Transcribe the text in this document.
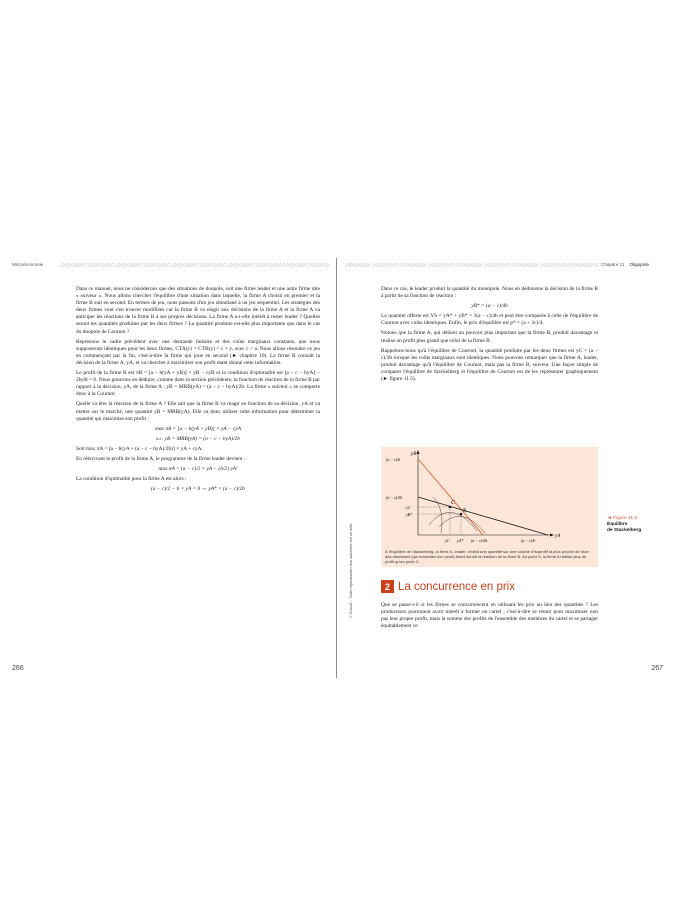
Microéconomie

Dans ce manuel, nous ne considérons que des situations de duopole, soit une firme leader et une autre firme dite « suiveur ». Nous allons chercher l'équilibre d'une situation dans laquelle, la firme A choisit en premier et la firme B suit en second. En termes de jeu, nous passons d'un jeu simultané à un jeu séquentiel. Les stratégies des deux firmes vont s'en trouver modifiées car la firme B va réagir aux décisions de la firme A et la firme A va anticiper les réactions de la firme B à ses propres décisions. La firme A a-t-elle intérêt à rester leader ? Quelles seront les quantités produites par les deux firmes ? La quantité produite est-elle plus importante que dans le cas du duopole de Cournot ?

Reprenons le cadre précédent avec une demande linéaire et des coûts marginaux constants, que nous supposerons identiques pour les deux firmes, CTA(y) = CTB(y) = c × y, avec c < a. Nous allons résoudre ce jeu en commençant par la fin, c'est-à-dire la firme qui joue en second (► chapitre 10). La firme B connaît la décision de la firme A, yA, et va chercher à maximiser son profit étant donné cette information.

Le profit de la firme B est πB = [a − b(yA + yB)] × yB − cyB et la condition d'optimalité est [a − c − byA] − 2byB = 0. Nous pourrons en déduire, comme dans la section précédente, la fonction de réaction de la firme B par rapport à la décision, yA, de la firme A : yB = MRB(yA) = (a − c − byA)/2b. La firme « suiveur » se comporte donc à la Cournot.

Quelle va être la réaction de la firme A ? Elle sait que la firme B va réagir en fonction de sa décision, yA et va mettre sur le marché, une quantité yB = MRB(yA). Elle va donc utiliser cette information pour déterminer la quantité qui maximise son profit :

max πA = [a − b(yA + yB)] × yA − cyA
s.c. yB = MRB(yA) = (a − c − byA)/2b

Soit max πA = [a − b(yA + (a − c − byA)/2b)] × yA + cyA.

En réécrivant le profit de la firme A, le programme de la firme leader devient :

max πA = (a − c)/2 × yA − (b/2) yA²

La condition d'optimalité pour la firme A est alors :

(a − c)/2 − b × yA = 0 ⇔ yA* = (a − c)/2b
266
Chapitre 11 Oligopole
© Dunod – Toute reproduction non autorisée est un délit.

Dans ce cas, le leader produit la quantité du monopole. Nous en déduisons la décision de la firme B à partir de sa fonction de réaction :

yB* = (a − c)/4b

La quantité offerte est YS = yA* + yB* = 3(a − c)/4b et peut être comparée à celle de l'équilibre de Cournot avec coûts identiques. Enfin, le prix d'équilibre est p* = (a + 3c)/4.

Notons que la firme A, qui détient un pouvoir plus important que la firme B, produit davantage et réalise un profit plus grand que celui de la firme B.

Rappelons-nous qu'à l'équilibre de Cournot, la quantité produite par les deux firmes est yC = (a − c)/3b lorsque les coûts marginaux sont identiques. Nous pouvons remarquer que la firme A, leader, produit davantage qu'à l'équilibre de Cournot, mais pas la firme B, suiveur. Une façon simple de comparer l'équilibre de Stackelberg et l'équilibre de Cournot est de les représenter graphiquement (► figure 11.5).

yB
yA
C
S
(a − c)/b
(a − c)/2b
yC
yB*
yC yA* (a − c)/2b	(a − c)/b
À l'équilibre de Stackelberg, la firme A, leader, choisit une quantité sur une courbe d'isoprofit la plus proche de l'axe des abscisses (qui maximise son profit) étant donné la réaction de la firme B. Au point S, la firme A réalise plus de profit qu'au point C.
◄ Figure 11.5
Équilibre
de Stackelberg
2 La concurrence en prix

Que se passe-t-il si les firmes se concurrencent en utilisant les prix au lieu des quantités ? Les producteurs pourraient avoir intérêt à former un cartel ; c'est-à-dire se réunir pour maximiser non pas leur propre profit, mais la somme des profits de l'ensemble des membres du cartel et se partager équitablement ce

267
